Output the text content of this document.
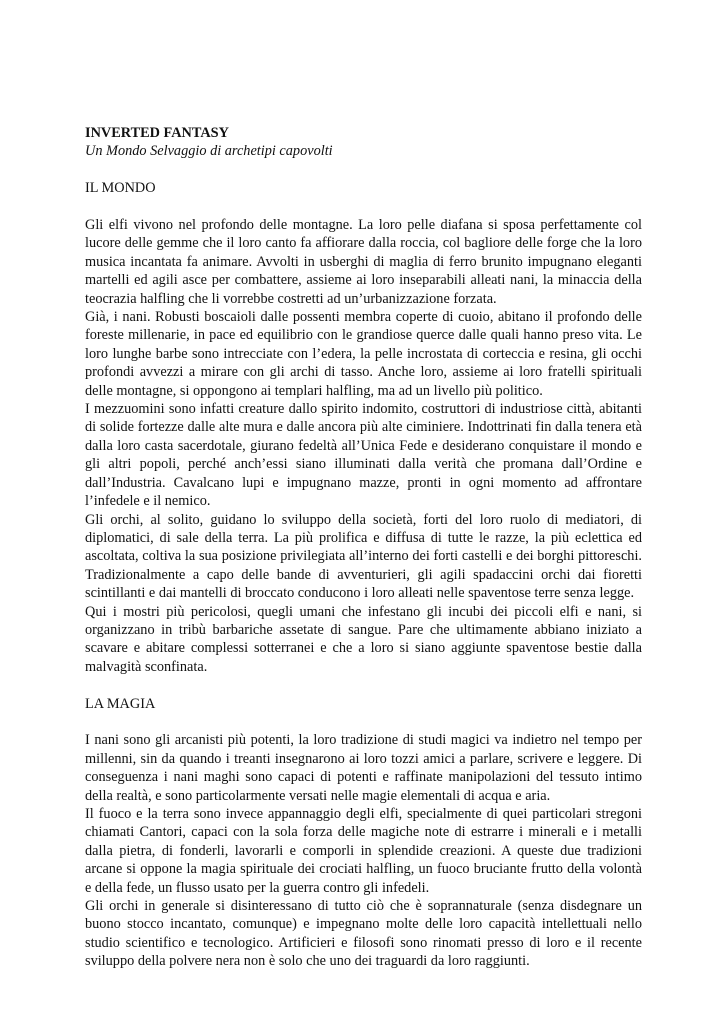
INVERTED FANTASY

Un Mondo Selvaggio di archetipi capovolti

IL MONDO

Gli elfi vivono nel profondo delle montagne. La loro pelle diafana si sposa perfettamente col lucore delle gemme che il loro canto fa affiorare dalla roccia, col bagliore delle forge che la loro musica incantata fa animare. Avvolti in usberghi di maglia di ferro brunito impugnano eleganti martelli ed agili asce per combattere, assieme ai loro inseparabili alleati nani, la minaccia della teocrazia halfling che li vorrebbe costretti ad un’urbanizzazione forzata.

Già, i nani. Robusti boscaioli dalle possenti membra coperte di cuoio, abitano il profondo delle foreste millenarie, in pace ed equilibrio con le grandiose querce dalle quali hanno preso vita. Le loro lunghe barbe sono intrecciate con l’edera, la pelle incrostata di corteccia e resina, gli occhi profondi avvezzi a mirare con gli archi di tasso. Anche loro, assieme ai loro fratelli spirituali delle montagne, si oppongono ai templari halfling, ma ad un livello più politico.

I mezzuomini sono infatti creature dallo spirito indomito, costruttori di industriose città, abitanti di solide fortezze dalle alte mura e dalle ancora più alte ciminiere. Indottrinati fin dalla tenera età dalla loro casta sacerdotale, giurano fedeltà all’Unica Fede e desiderano conquistare il mondo e gli altri popoli, perché anch’essi siano illuminati dalla verità che promana dall’Ordine e dall’Industria. Cavalcano lupi e impugnano mazze, pronti in ogni momento ad affrontare l’infedele e il nemico.

Gli orchi, al solito, guidano lo sviluppo della società, forti del loro ruolo di mediatori, di diplomatici, di sale della terra. La più prolifica e diffusa di tutte le razze, la più eclettica ed ascoltata, coltiva la sua posizione privilegiata all’interno dei forti castelli e dei borghi pittoreschi. Tradizionalmente a capo delle bande di avventurieri, gli agili spadaccini orchi dai fioretti scintillanti e dai mantelli di broccato conducono i loro alleati nelle spaventose terre senza legge.

Qui i mostri più pericolosi, quegli umani che infestano gli incubi dei piccoli elfi e nani, si organizzano in tribù barbariche assetate di sangue. Pare che ultimamente abbiano iniziato a scavare e abitare complessi sotterranei e che a loro si siano aggiunte spaventose bestie dalla malvagità sconfinata.

LA MAGIA

I nani sono gli arcanisti più potenti, la loro tradizione di studi magici va indietro nel tempo per millenni, sin da quando i treanti insegnarono ai loro tozzi amici a parlare, scrivere e leggere. Di conseguenza i nani maghi sono capaci di potenti e raffinate manipolazioni del tessuto intimo della realtà, e sono particolarmente versati nelle magie elementali di acqua e aria.

Il fuoco e la terra sono invece appannaggio degli elfi, specialmente di quei particolari stregoni chiamati Cantori, capaci con la sola forza delle magiche note di estrarre i minerali e i metalli dalla pietra, di fonderli, lavorarli e comporli in splendide creazioni. A queste due tradizioni arcane si oppone la magia spirituale dei crociati halfling, un fuoco bruciante frutto della volontà e della fede, un flusso usato per la guerra contro gli infedeli.

Gli orchi in generale si disinteressano di tutto ciò che è soprannaturale (senza disdegnare un buono stocco incantato, comunque) e impegnano molte delle loro capacità intellettuali nello studio scientifico e tecnologico. Artificieri e filosofi sono rinomati presso di loro e il recente sviluppo della polvere nera non è solo che uno dei traguardi da loro raggiunti.
